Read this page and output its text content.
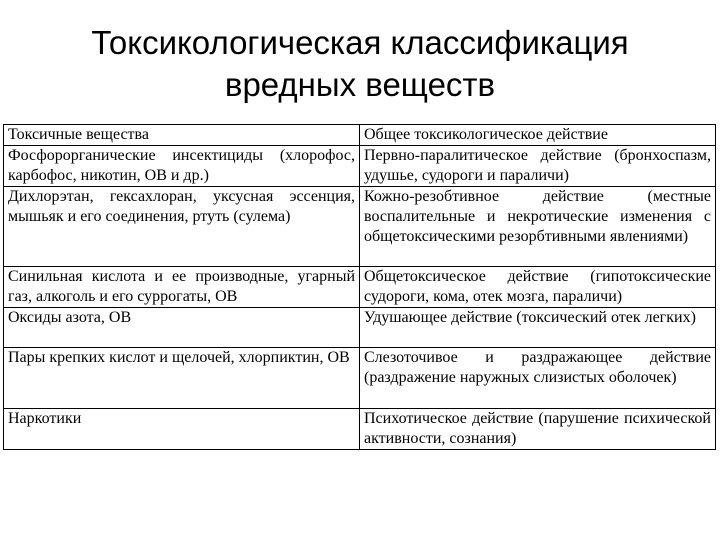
Токсикологическая классификация
вредных веществ
Токсичные вещества	Общее токсикологическое действие
Фосфорорганические инсектициды (хлорофос, карбофос, никотин, ОВ и др.)	Первно-паралитическое действие (бронхоспазм, удушье, судороги и параличи)
Дихлорэтан, гексахлоран, уксусная эссенция, мышьяк и его соединения, ртуть (сулема)	Кожно-резобтивное действие (местные воспалительные и некротические изменения с общетоксическими резорбтивными явлениями)
Синильная кислота и ее производные, угарный газ, алкоголь и его суррогаты, ОВ	Общетоксическое действие (гипотоксические судороги, кома, отек мозга, параличи)
Оксиды азота, ОВ	Удушающее действие (токсический отек легких)
Пары крепких кислот и щелочей, хлорпиктин, ОВ	Слезоточивое и раздражающее действие (раздражение наружных слизистых оболочек)
Наркотики	Психотическое действие (парушение психической активности, сознания)
